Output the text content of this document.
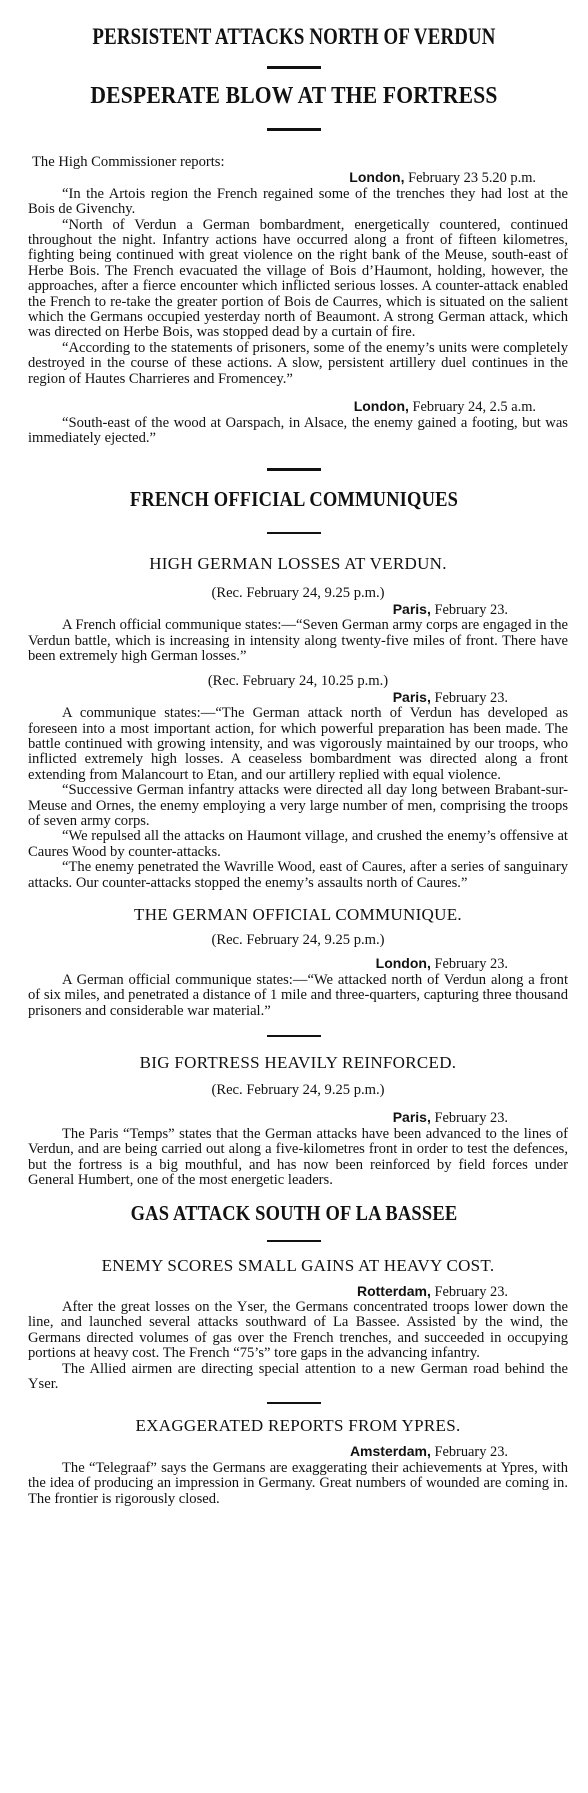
PERSISTENT ATTACKS NORTH OF VERDUN
DESPERATE BLOW AT THE FORTRESS

The High Commissioner reports:

London, February 23 5.20 p.m.

“In the Artois region the French regained some of the trenches they had lost at the Bois de Givenchy.

“North of Verdun a German bombardment, energetically countered, continued throughout the night. Infantry actions have occurred along a front of fifteen kilometres, fighting being continued with great violence on the right bank of the Meuse, south-east of Herbe Bois. The French evacuated the village of Bois d’Haumont, holding, however, the approaches, after a fierce encounter which inflicted serious losses. A counter-attack enabled the French to re-take the greater portion of Bois de Caurres, which is situated on the salient which the Germans occupied yesterday north of Beaumont. A strong German attack, which was directed on Herbe Bois, was stopped dead by a curtain of fire.

“According to the statements of prisoners, some of the enemy’s units were completely destroyed in the course of these actions. A slow, persistent artillery duel continues in the region of Hautes Charrieres and Fromencey.”

London, February 24, 2.5 a.m.

“South-east of the wood at Oarspach, in Alsace, the enemy gained a footing, but was immediately ejected.”

FRENCH OFFICIAL COMMUNIQUES
HIGH GERMAN LOSSES AT VERDUN.

(Rec. February 24, 9.25 p.m.)

Paris, February 23.

A French official communique states:—“Seven German army corps are engaged in the Verdun battle, which is increasing in intensity along twenty-five miles of front. There have been extremely high German losses.”

(Rec. February 24, 10.25 p.m.)

Paris, February 23.

A communique states:—“The German attack north of Verdun has developed as foreseen into a most important action, for which powerful preparation has been made. The battle continued with growing intensity, and was vigorously maintained by our troops, who inflicted extremely high losses. A ceaseless bombardment was directed along a front extending from Malancourt to Etan, and our artillery replied with equal violence.

“Successive German infantry attacks were directed all day long between Brabant-sur-Meuse and Ornes, the enemy employing a very large number of men, comprising the troops of seven army corps.

“We repulsed all the attacks on Haumont village, and crushed the enemy’s offensive at Caures Wood by counter-attacks.

“The enemy penetrated the Wavrille Wood, east of Caures, after a series of sanguinary attacks. Our counter-attacks stopped the enemy’s assaults north of Caures.”

THE GERMAN OFFICIAL COMMUNIQUE.

(Rec. February 24, 9.25 p.m.)

London, February 23.

A German official communique states:—“We attacked north of Verdun along a front of six miles, and penetrated a distance of 1 mile and three-quarters, capturing three thousand prisoners and considerable war material.”

BIG FORTRESS HEAVILY REINFORCED.

(Rec. February 24, 9.25 p.m.)

Paris, February 23.

The Paris “Temps” states that the German attacks have been advanced to the lines of Verdun, and are being carried out along a five-kilometres front in order to test the defences, but the fortress is a big mouthful, and has now been reinforced by field forces under General Humbert, one of the most energetic leaders.

GAS ATTACK SOUTH OF LA BASSEE
ENEMY SCORES SMALL GAINS AT HEAVY COST.

Rotterdam, February 23.

After the great losses on the Yser, the Germans concentrated troops lower down the line, and launched several attacks southward of La Bassee. Assisted by the wind, the Germans directed volumes of gas over the French trenches, and succeeded in occupying portions at heavy cost. The French “75’s” tore gaps in the advancing infantry.

The Allied airmen are directing special attention to a new German road behind the Yser.

EXAGGERATED REPORTS FROM YPRES.

Amsterdam, February 23.

The “Telegraaf” says the Germans are exaggerating their achievements at Ypres, with the idea of producing an impression in Germany. Great numbers of wounded are coming in. The frontier is rigorously closed.
